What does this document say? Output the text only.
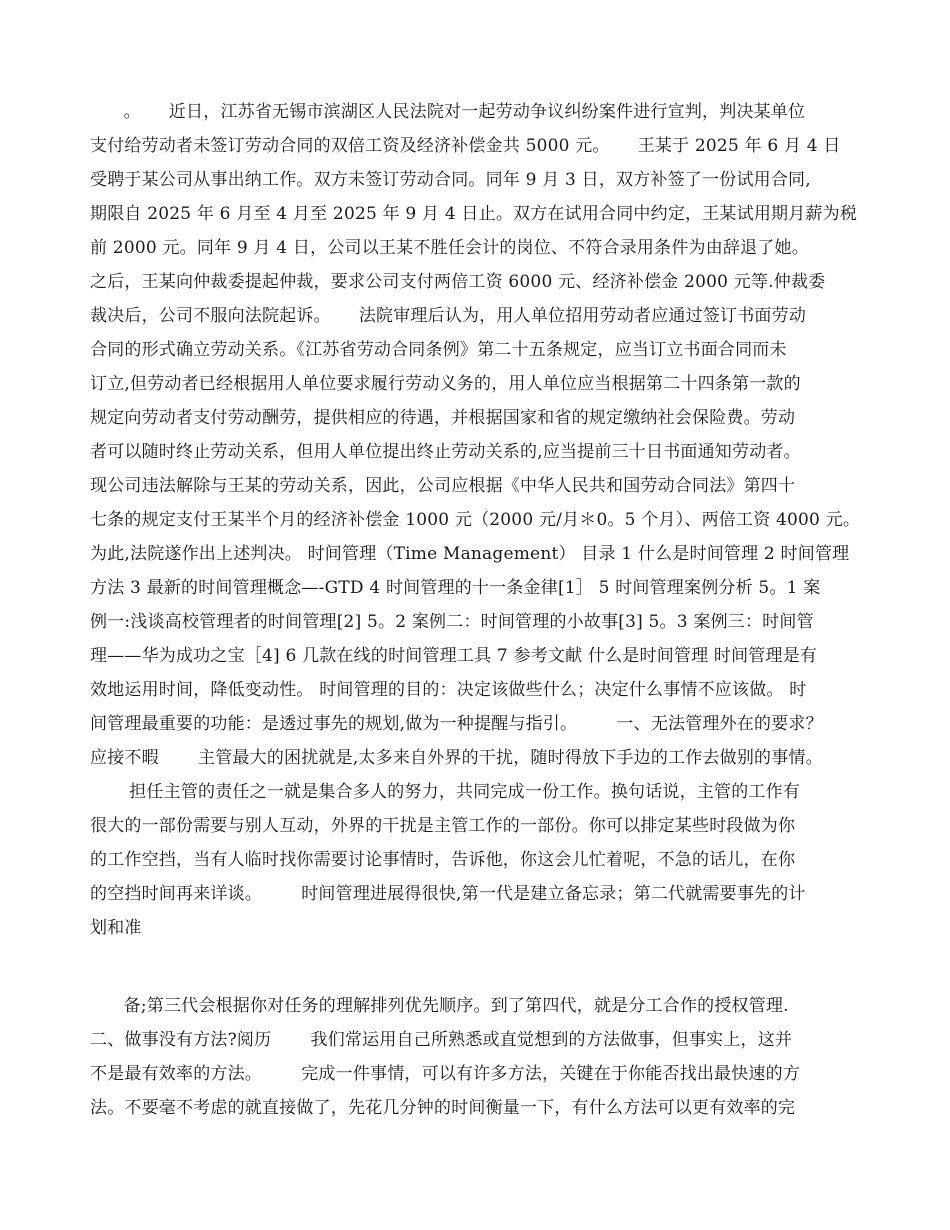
。     近日，江苏省无锡市滨湖区人民法院对一起劳动争议纠纷案件进行宣判，判决某单位
支付给劳动者未签订劳动合同的双倍工资及经济补偿金共 5000 元。     王某于 2025 年 6 月 4 日
受聘于某公司从事出纳工作。双方未签订劳动合同。同年 9 月 3 日，双方补签了一份试用合同,
期限自 2025 年 6 月至 4 月至 2025 年 9 月 4 日止。双方在试用合同中约定，王某试用期月薪为税
前 2000 元。同年 9 月 4 日，公司以王某不胜任会计的岗位、不符合录用条件为由辞退了她。
之后，王某向仲裁委提起仲裁，要求公司支付两倍工资 6000 元、经济补偿金 2000 元等.仲裁委
裁决后，公司不服向法院起诉。     法院审理后认为，用人单位招用劳动者应通过签订书面劳动
合同的形式确立劳动关系。《江苏省劳动合同条例》第二十五条规定，应当订立书面合同而未
订立,但劳动者已经根据用人单位要求履行劳动义务的，用人单位应当根据第二十四条第一款的
规定向劳动者支付劳动酬劳，提供相应的待遇，并根据国家和省的规定缴纳社会保险费。劳动
者可以随时终止劳动关系，但用人单位提出终止劳动关系的,应当提前三十日书面通知劳动者。
现公司违法解除与王某的劳动关系，因此，公司应根据《中华人民共和国劳动合同法》第四十
七条的规定支付王某半个月的经济补偿金 1000 元（2000 元/月＊0。5 个月）、两倍工资 4000 元。
为此,法院遂作出上述判决。 时间管理（Time Management） 目录 1 什么是时间管理 2 时间管理
方法 3 最新的时间管理概念—-GTD 4 时间管理的十一条金律[1］ 5 时间管理案例分析 5。1 案
例一:浅谈高校管理者的时间管理[2] 5。2 案例二：时间管理的小故事[3] 5。3 案例三：时间管
理——华为成功之宝［4] 6 几款在线的时间管理工具 7 参考文献 什么是时间管理 时间管理是有
效地运用时间，降低变动性。 时间管理的目的：决定该做些什么；决定什么事情不应该做。 时
间管理最重要的功能：是透过事先的规划,做为一种提醒与指引。       一、无法管理外在的要求？
应接不暇       主管最大的困扰就是,太多来自外界的干扰，随时得放下手边的工作去做别的事情。
担任主管的责任之一就是集合多人的努力，共同完成一份工作。换句话说，主管的工作有
很大的一部份需要与别人互动，外界的干扰是主管工作的一部份。你可以排定某些时段做为你
的工作空挡，当有人临时找你需要讨论事情时，告诉他，你这会儿忙着呢，不急的话儿，在你
的空挡时间再来详谈。       时间管理进展得很快,第一代是建立备忘录；第二代就需要事先的计
划和准
备;第三代会根据你对任务的理解排列优先顺序。到了第四代，就是分工合作的授权管理.
二、做事没有方法?阅历       我们常运用自己所熟悉或直觉想到的方法做事，但事实上，这并
不是最有效率的方法。       完成一件事情，可以有许多方法，关键在于你能否找出最快速的方
法。不要毫不考虑的就直接做了，先花几分钟的时间衡量一下，有什么方法可以更有效率的完
